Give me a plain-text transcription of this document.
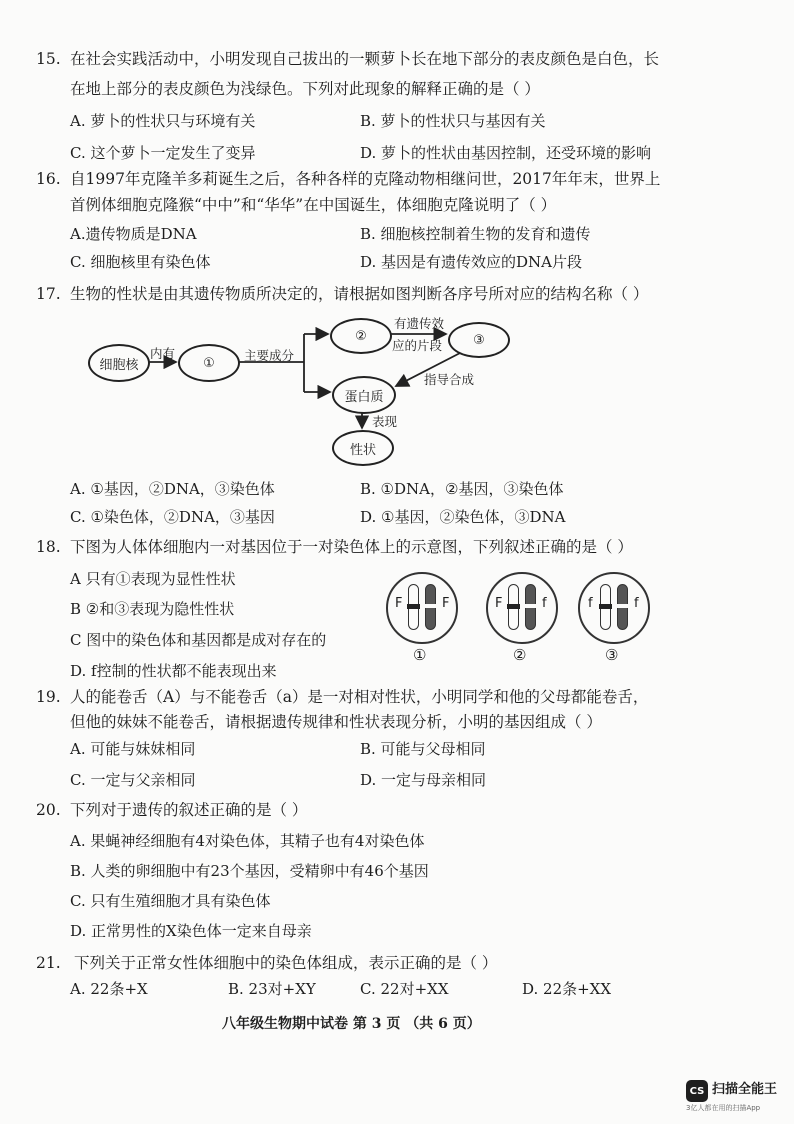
15. 在社会实践活动中，小明发现自己拔出的一颗萝卜长在地下部分的表皮颜色是白色，长
在地上部分的表皮颜色为浅绿色。下列对此现象的解释正确的是（ ）
A. 萝卜的性状只与环境有关	B. 萝卜的性状只与基因有关
C. 这个萝卜一定发生了变异	D. 萝卜的性状由基因控制，还受环境的影响
16. 自1997年克隆羊多莉诞生之后，各种各样的克隆动物相继问世，2017年年末，世界上
首例体细胞克隆猴“中中”和“华华”在中国诞生，体细胞克隆说明了（ ）
A.遗传物质是DNA	B. 细胞核控制着生物的发育和遗传
C. 细胞核里有染色体	D. 基因是有遗传效应的DNA片段
17. 生物的性状是由其遗传物质所决定的，请根据如图判断各序号所对应的结构名称（ ）
细胞核
内有
① 主要成分
②
有遗传效
应的片段 ③
蛋白质
指导合成
表现
性状
A. ①基因，②DNA，③染色体	B. ①DNA，②基因，③染色体
C. ①染色体，②DNA，③基因	D. ①基因，②染色体，③DNA
18. 下图为人体体细胞内一对基因位于一对染色体上的示意图，下列叙述正确的是（ ）
A 只有①表现为显性性状
B ②和③表现为隐性性状
C 图中的染色体和基因都是成对存在的
D. f控制的性状都不能表现出来
F	F
①
F	f
②
f	f
③
19. 人的能卷舌（A）与不能卷舌（a）是一对相对性状，小明同学和他的父母都能卷舌，
但他的妹妹不能卷舌，请根据遗传规律和性状表现分析，小明的基因组成（ ）
A. 可能与妹妹相同	B. 可能与父母相同
C. 一定与父亲相同	D. 一定与母亲相同
20. 下列对于遗传的叙述正确的是（ ）
A. 果蝇神经细胞有4对染色体，其精子也有4对染色体
B. 人类的卵细胞中有23个基因，受精卵中有46个基因
C. 只有生殖细胞才具有染色体
D. 正常男性的X染色体一定来自母亲
21. 下列关于正常女性体细胞中的染色体组成，表示正确的是（ ）
A. 22条+X	B. 23对+XY	C. 22对+XX	D. 22条+XX
八年级生物期中试卷 第 3 页 （共 6 页）
CS 扫描全能王
3亿人都在用的扫描App
